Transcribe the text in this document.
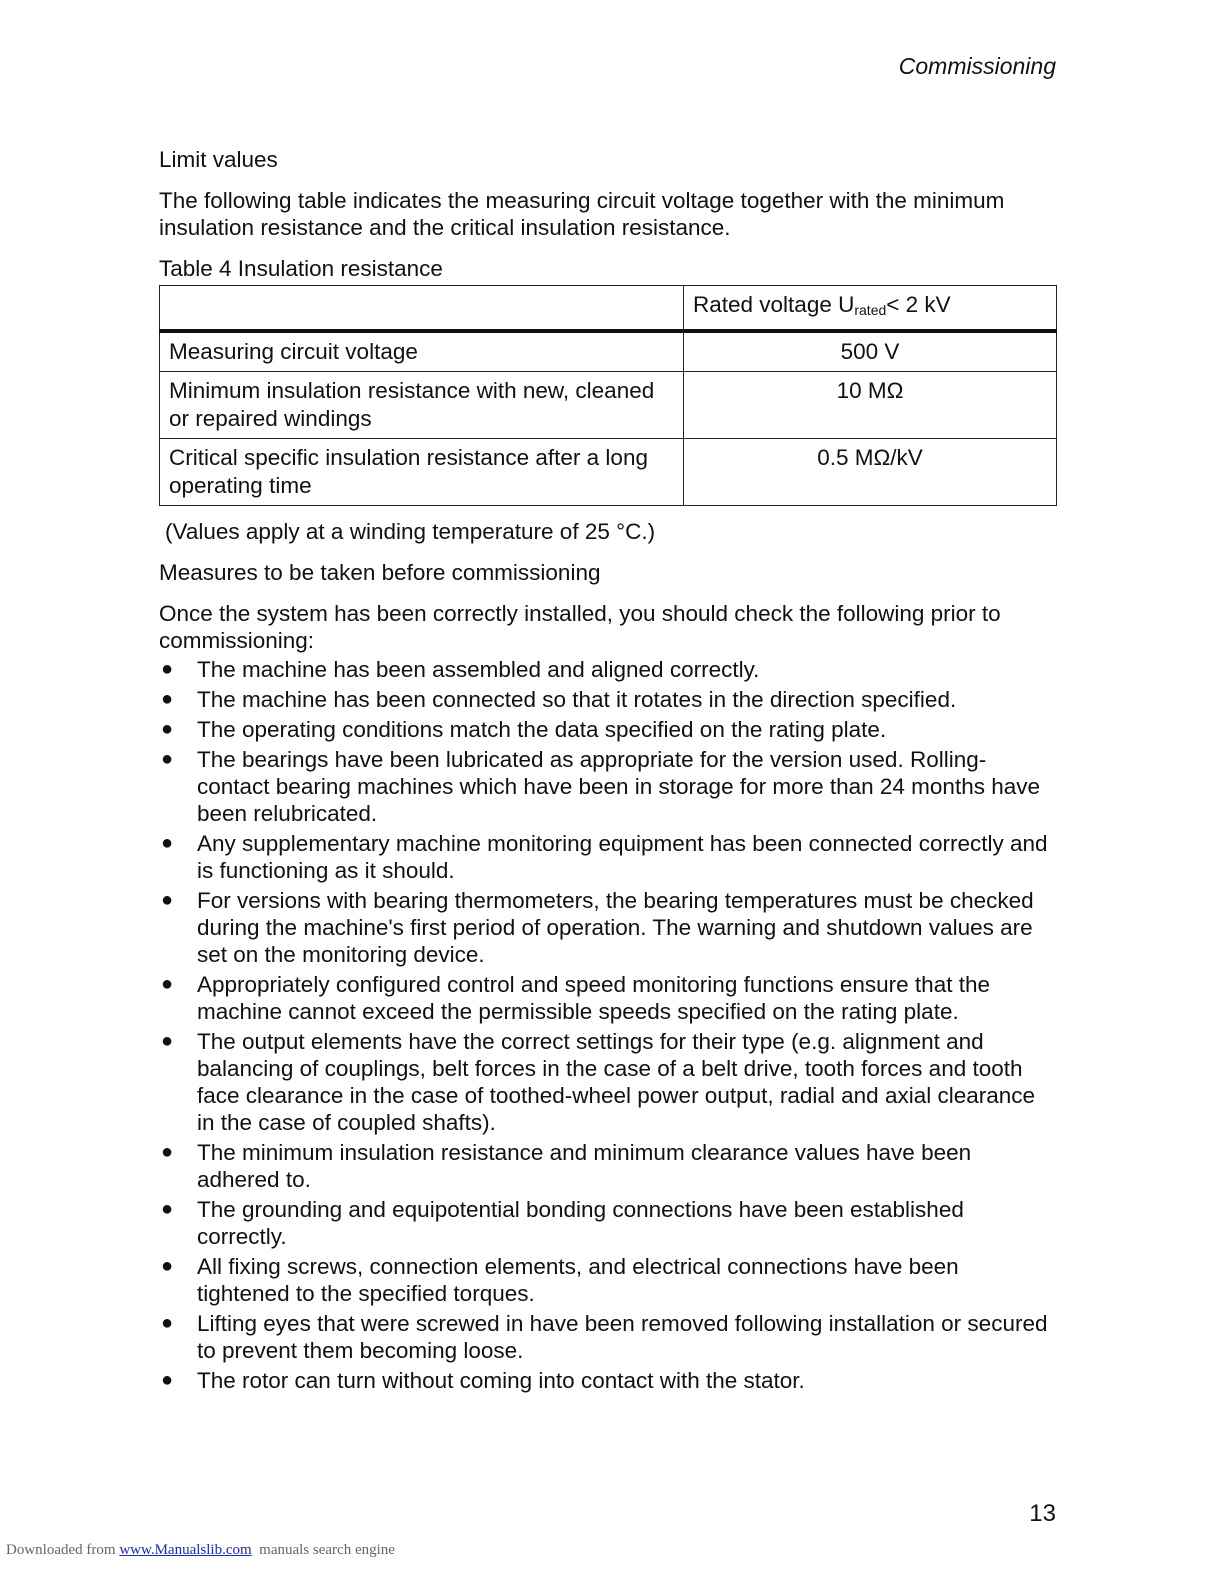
Commissioning
Limit values

The following table indicates the measuring circuit voltage together with the minimum insulation resistance and the critical insulation resistance.

Table 4 Insulation resistance
	Rated voltage $U_{rated}< 2$ kV
Measuring circuit voltage	500 V
Minimum insulation resistance with new, cleaned or repaired windings	10 MΩ
Critical specific insulation resistance after a long operating time	0.5 MΩ/kV
(Values apply at a winding temperature of 25 °C.)
Measures to be taken before commissioning

Once the system has been correctly installed, you should check the following prior to commissioning:

● The machine has been assembled and aligned correctly.
● The machine has been connected so that it rotates in the direction specified.
● The operating conditions match the data specified on the rating plate.
● The bearings have been lubricated as appropriate for the version used. Rolling-contact bearing machines which have been in storage for more than 24 months have been relubricated.
● Any supplementary machine monitoring equipment has been connected correctly and is functioning as it should.
● For versions with bearing thermometers, the bearing temperatures must be checked during the machine's first period of operation. The warning and shutdown values are set on the monitoring device.
● Appropriately configured control and speed monitoring functions ensure that the machine cannot exceed the permissible speeds specified on the rating plate.
● The output elements have the correct settings for their type (e.g. alignment and balancing of couplings, belt forces in the case of a belt drive, tooth forces and tooth face clearance in the case of toothed-wheel power output, radial and axial clearance in the case of coupled shafts).
● The minimum insulation resistance and minimum clearance values have been adhered to.
● The grounding and equipotential bonding connections have been established correctly.
● All fixing screws, connection elements, and electrical connections have been tightened to the specified torques.
● Lifting eyes that were screwed in have been removed following installation or secured to prevent them becoming loose.
● The rotor can turn without coming into contact with the stator.
13
Downloaded from www.Manualslib.com  manuals search engine
